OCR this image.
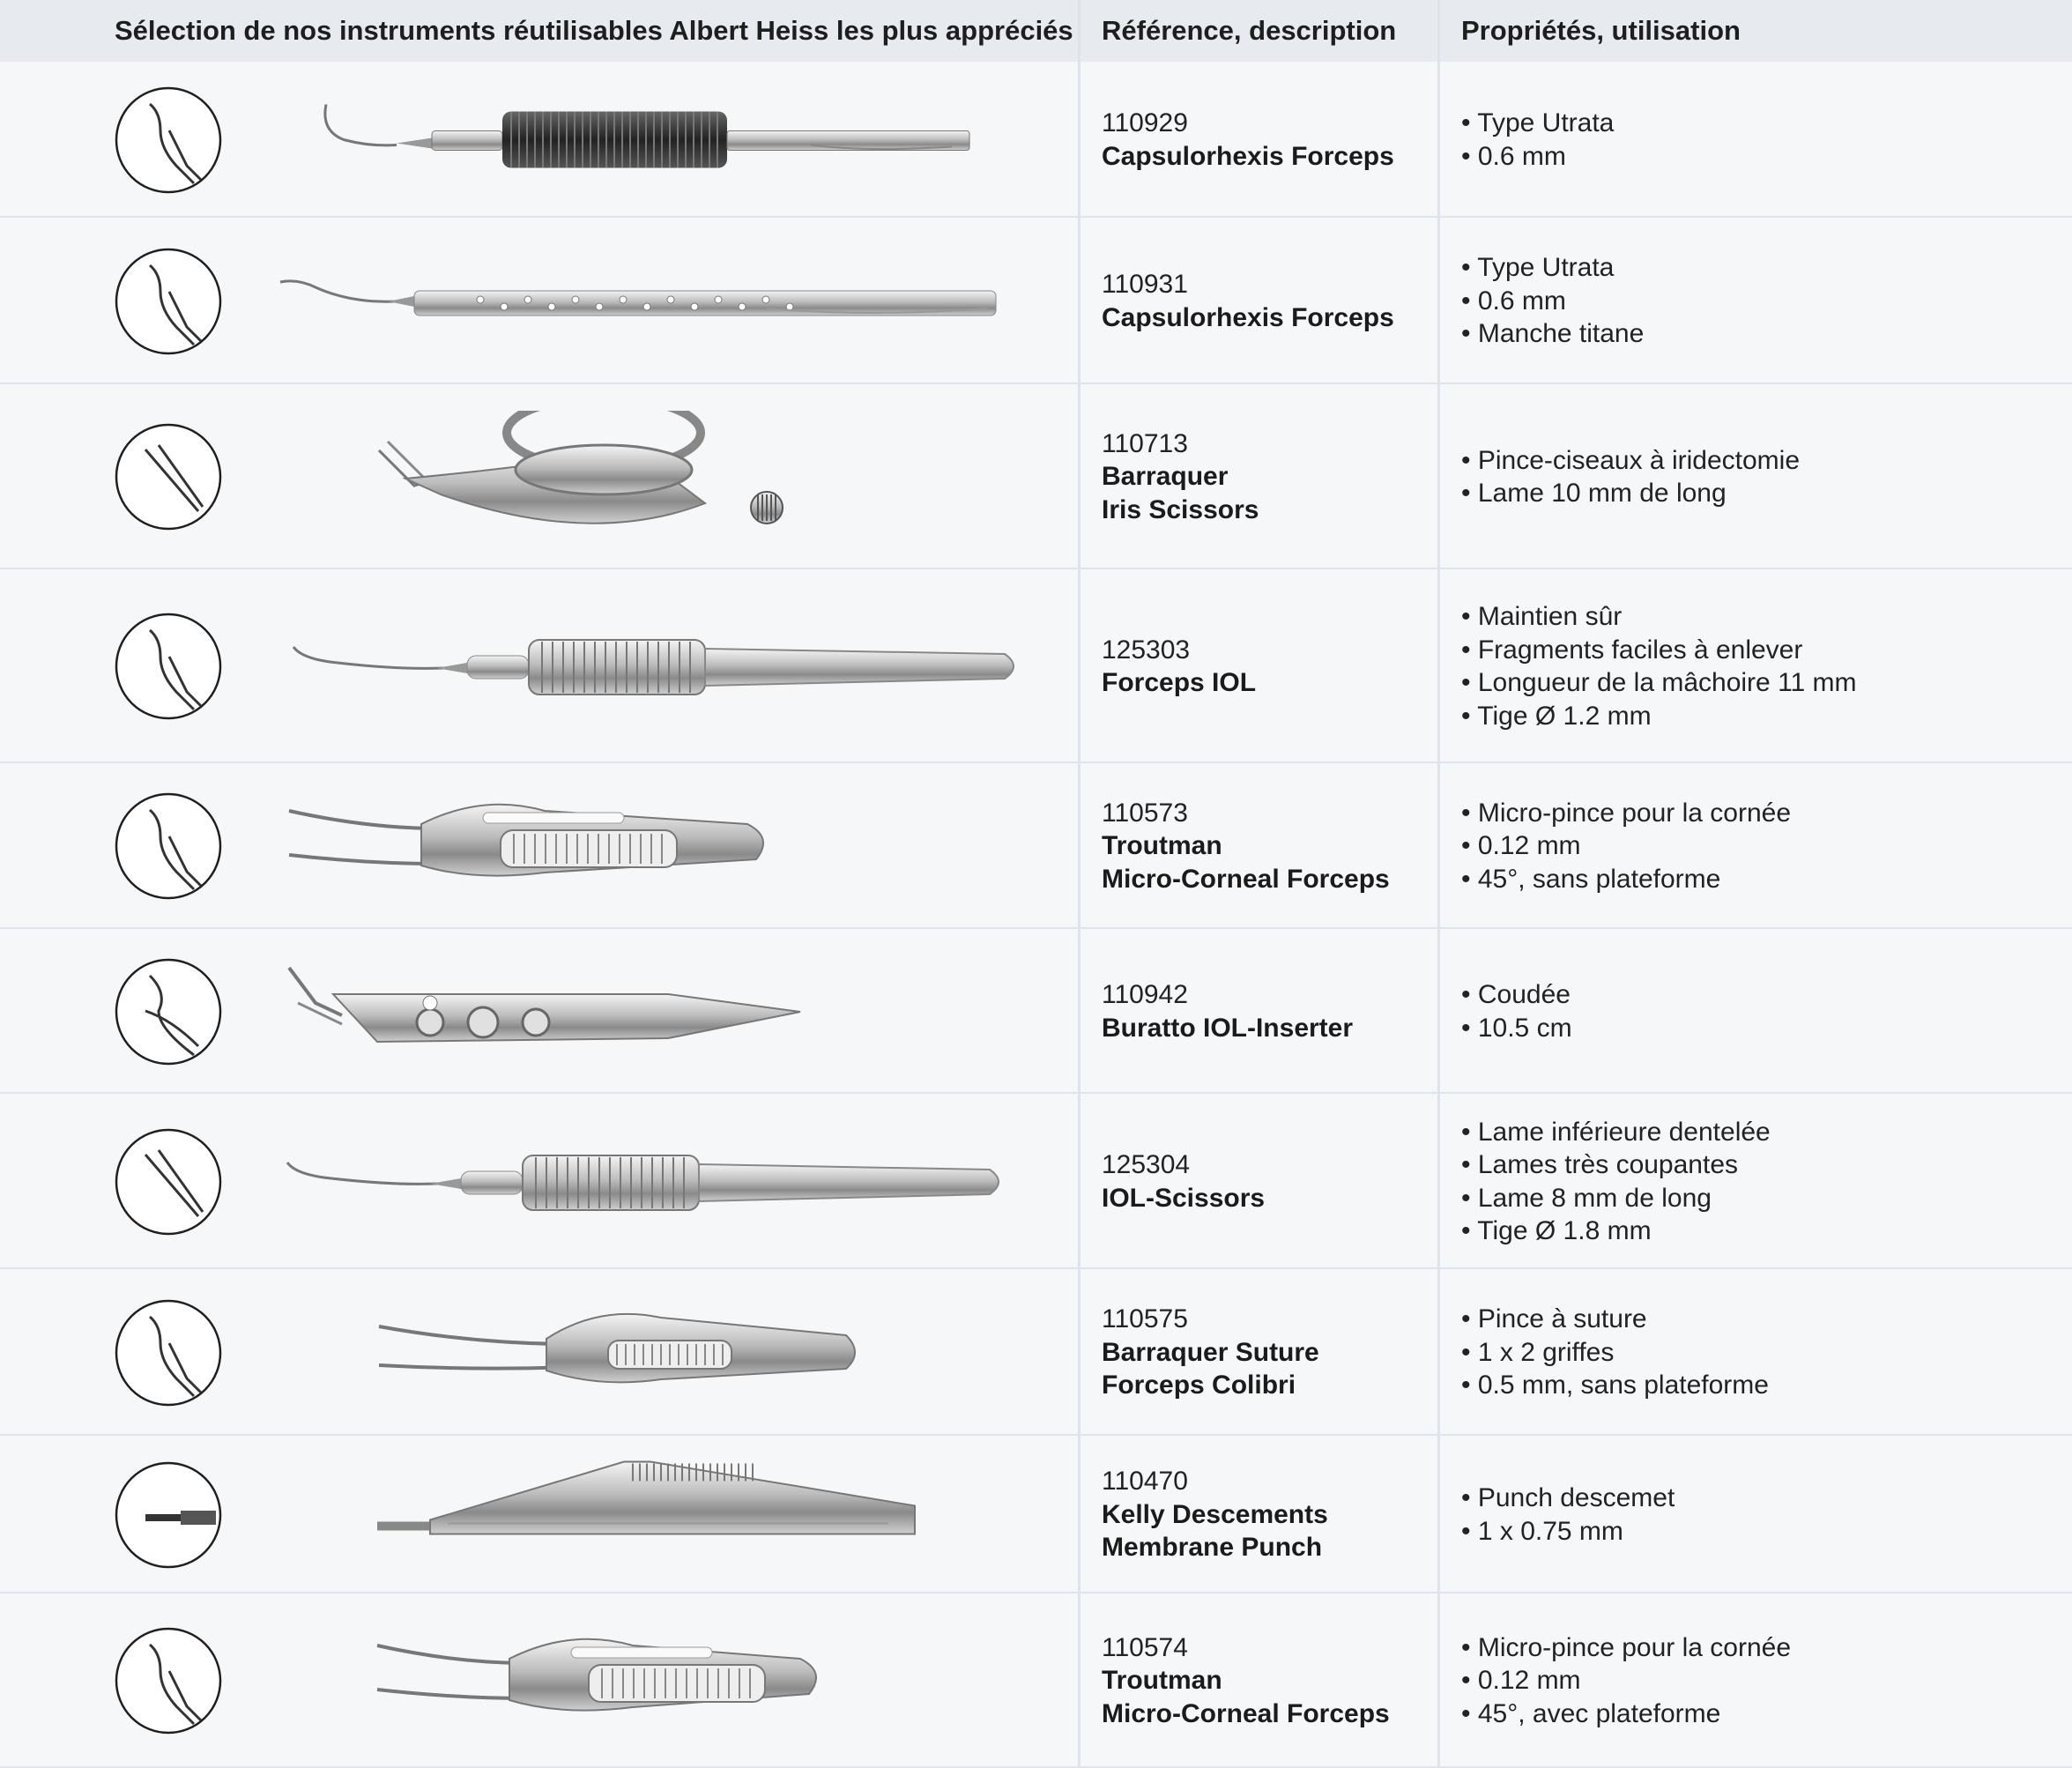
Sélection de nos instruments réutilisables Albert Heiss les plus appréciés Référence, description Propriétés, utilisation
110929
Capsulorhexis Forceps
• Type Utrata
• 0.6 mm
110931
Capsulorhexis Forceps
• Type Utrata
• 0.6 mm
• Manche titane
110713
Barraquer
Iris Scissors
• Pince-ciseaux à iridectomie
• Lame 10 mm de long
125303
Forceps IOL
• Maintien sûr
• Fragments faciles à enlever
• Longueur de la mâchoire 11 mm
• Tige Ø 1.2 mm
110573
Troutman
Micro-Corneal Forceps
• Micro-pince pour la cornée
• 0.12 mm
• 45°, sans plateforme
110942
Buratto IOL-Inserter
• Coudée
• 10.5 cm
125304
IOL-Scissors
• Lame inférieure dentelée
• Lames très coupantes
• Lame 8 mm de long
• Tige Ø 1.8 mm
110575
Barraquer Suture
Forceps Colibri
• Pince à suture
• 1 x 2 griffes
• 0.5 mm, sans plateforme
110470
Kelly Descements
Membrane Punch
• Punch descemet
• 1 x 0.75 mm
110574
Troutman
Micro-Corneal Forceps
• Micro-pince pour la cornée
• 0.12 mm
• 45°, avec plateforme
